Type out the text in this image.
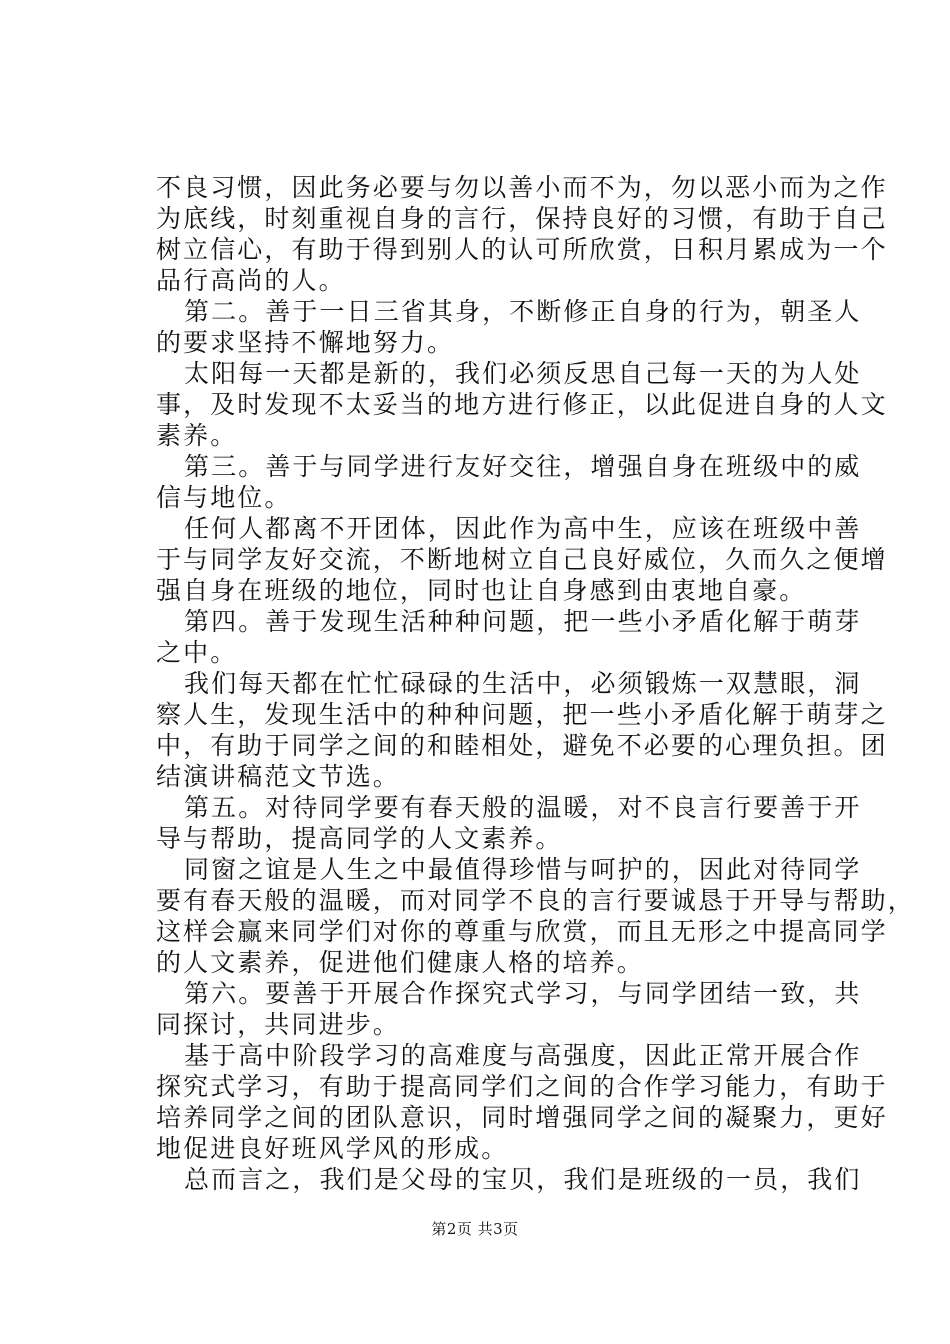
不良习惯，因此务必要与勿以善小而不为，勿以恶小而为之作
为底线，时刻重视自身的言行，保持良好的习惯，有助于自己
树立信心，有助于得到别人的认可所欣赏，日积月累成为一个
品行高尚的人。
第二。善于一日三省其身，不断修正自身的行为，朝圣人
的要求坚持不懈地努力。
太阳每一天都是新的，我们必须反思自己每一天的为人处
事，及时发现不太妥当的地方进行修正，以此促进自身的人文
素养。
第三。善于与同学进行友好交往，增强自身在班级中的威
信与地位。
任何人都离不开团体，因此作为高中生，应该在班级中善
于与同学友好交流，不断地树立自己良好威位，久而久之便增
强自身在班级的地位，同时也让自身感到由衷地自豪。
第四。善于发现生活种种问题，把一些小矛盾化解于萌芽
之中。
我们每天都在忙忙碌碌的生活中，必须锻炼一双慧眼，洞
察人生，发现生活中的种种问题，把一些小矛盾化解于萌芽之
中，有助于同学之间的和睦相处，避免不必要的心理负担。团
结演讲稿范文节选。
第五。对待同学要有春天般的温暖，对不良言行要善于开
导与帮助，提高同学的人文素养。
同窗之谊是人生之中最值得珍惜与呵护的，因此对待同学
要有春天般的温暖，而对同学不良的言行要诚恳于开导与帮助，
这样会赢来同学们对你的尊重与欣赏，而且无形之中提高同学
的人文素养，促进他们健康人格的培养。
第六。要善于开展合作探究式学习，与同学团结一致，共
同探讨，共同进步。
基于高中阶段学习的高难度与高强度，因此正常开展合作
探究式学习，有助于提高同学们之间的合作学习能力，有助于
培养同学之间的团队意识，同时增强同学之间的凝聚力，更好
地促进良好班风学风的形成。
总而言之，我们是父母的宝贝，我们是班级的一员，我们
第2页 共3页
